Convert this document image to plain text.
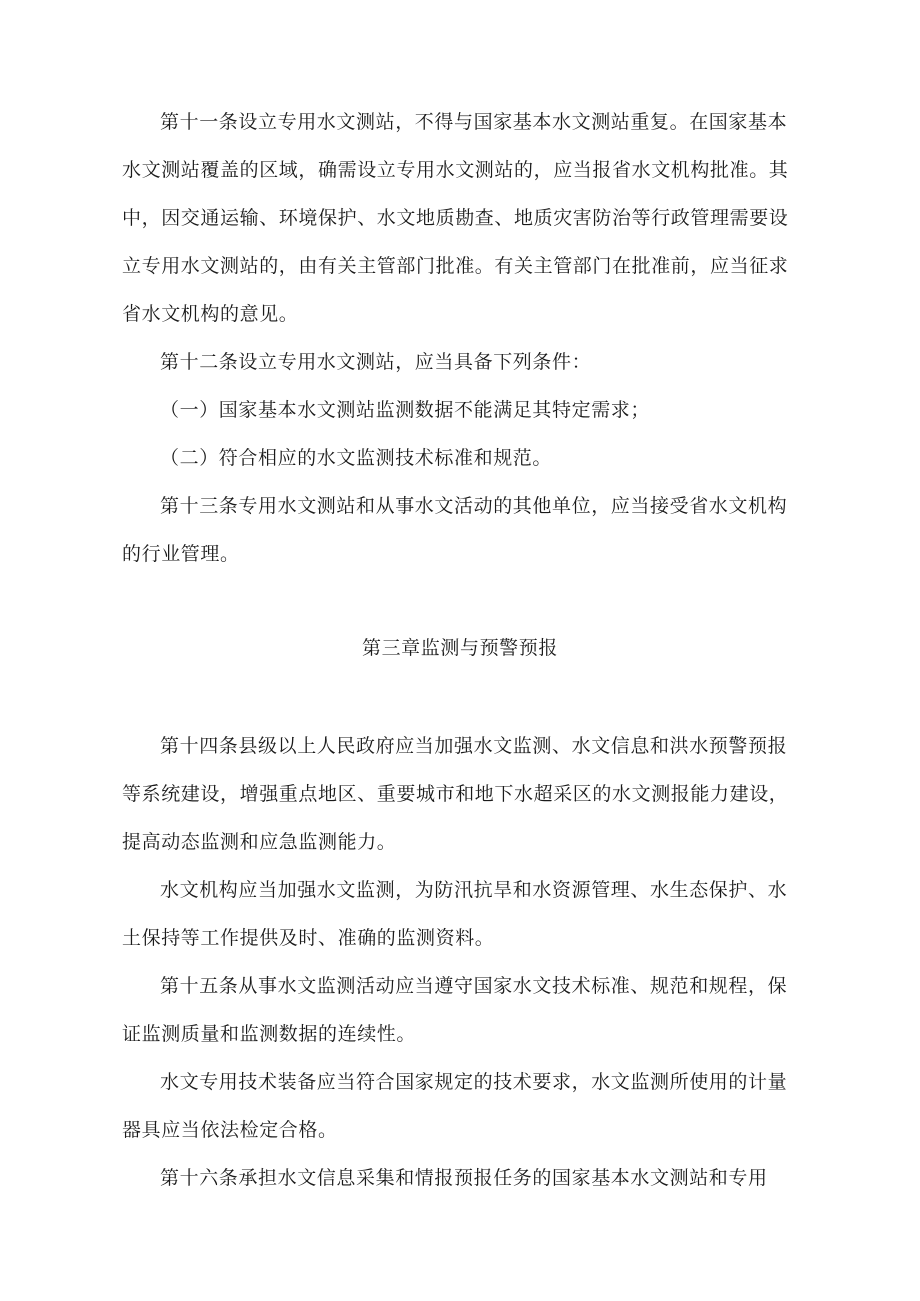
第十一条设立专用水文测站，不得与国家基本水文测站重复。在国家基本
水文测站覆盖的区域，确需设立专用水文测站的，应当报省水文机构批准。其
中，因交通运输、环境保护、水文地质勘查、地质灾害防治等行政管理需要设
立专用水文测站的，由有关主管部门批准。有关主管部门在批准前，应当征求
省水文机构的意见。
第十二条设立专用水文测站，应当具备下列条件：
（一）国家基本水文测站监测数据不能满足其特定需求；
（二）符合相应的水文监测技术标准和规范。
第十三条专用水文测站和从事水文活动的其他单位，应当接受省水文机构
的行业管理。
第三章监测与预警预报
第十四条县级以上人民政府应当加强水文监测、水文信息和洪水预警预报
等系统建设，增强重点地区、重要城市和地下水超采区的水文测报能力建设，
提高动态监测和应急监测能力。
水文机构应当加强水文监测，为防汛抗旱和水资源管理、水生态保护、水
土保持等工作提供及时、准确的监测资料。
第十五条从事水文监测活动应当遵守国家水文技术标准、规范和规程，保
证监测质量和监测数据的连续性。
水文专用技术装备应当符合国家规定的技术要求，水文监测所使用的计量
器具应当依法检定合格。
第十六条承担水文信息采集和情报预报任务的国家基本水文测站和专用
